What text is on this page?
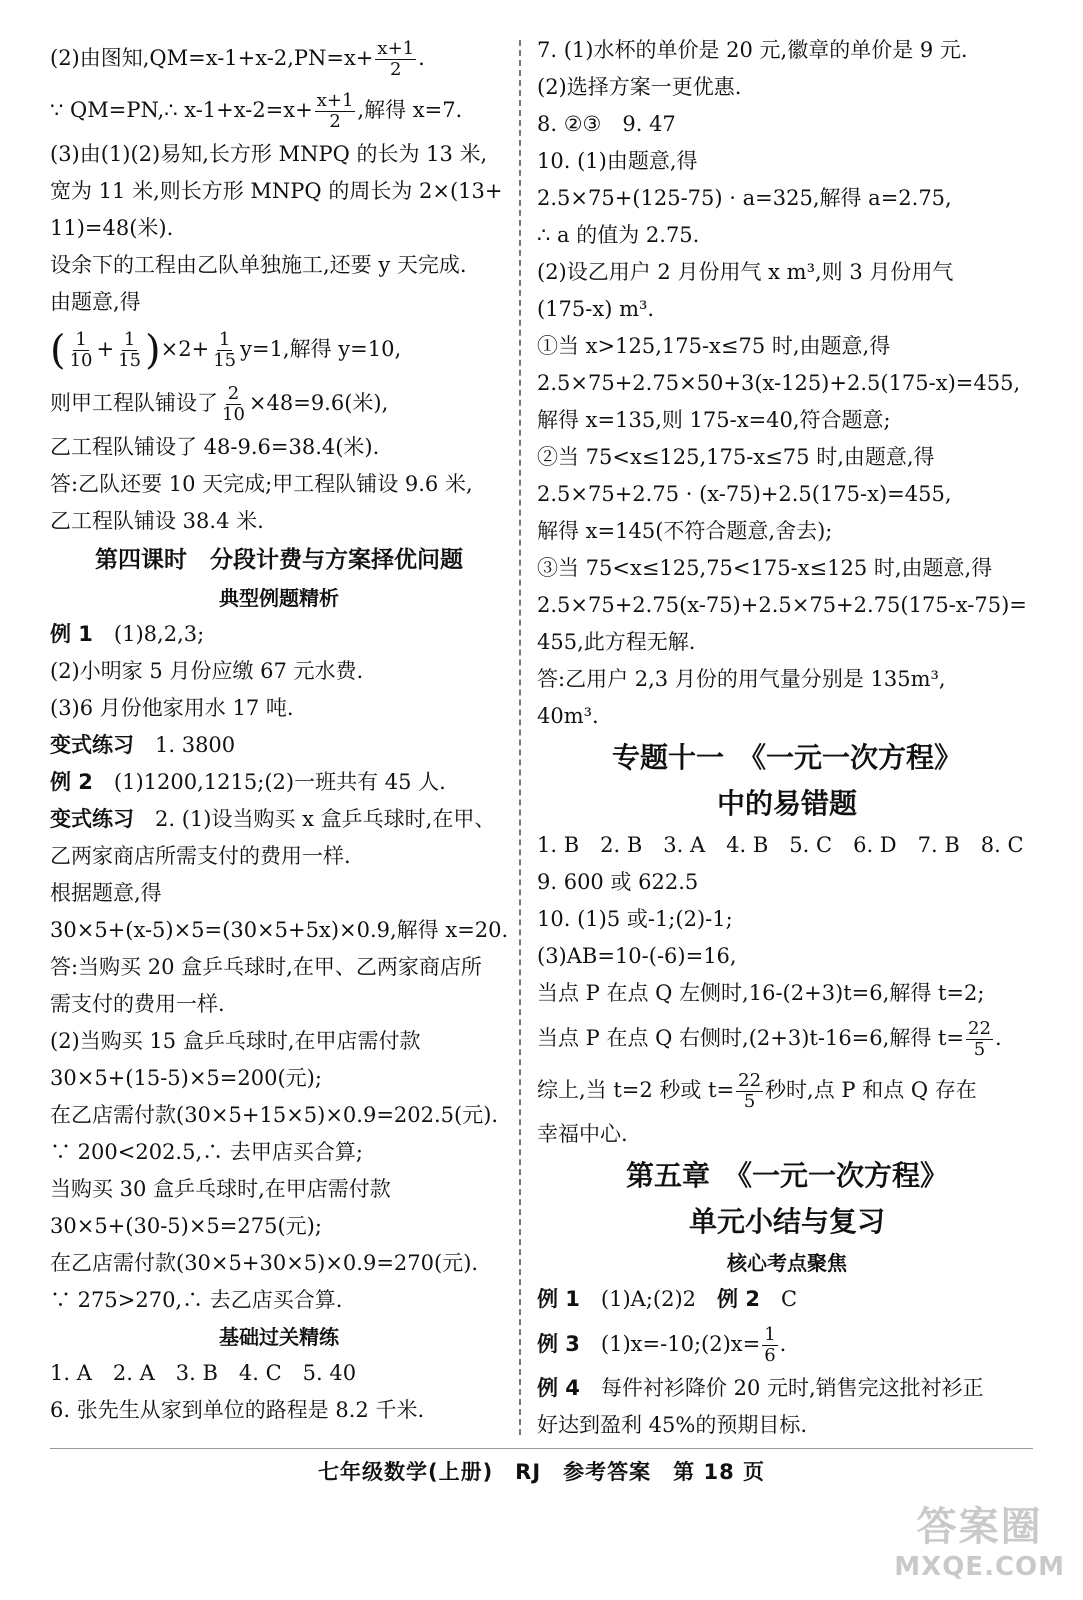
(2)由图知$,QM=x-1+x-2,PN=x+ \frac{x+1}{2}$ .
∵ QM=PN,∴ $x-1+x-2=x+ \frac{x+1}{2}$ ,解得 x=7.
(3)由(1)(2)易知,长方形 MNPQ 的长为 13 米,
宽为 11 米,则长方形 MNPQ 的周长为 2×(13+
11)=48(米).
设余下的工程由乙队单独施工,还要 y 天完成.
由题意,得
( $\frac{1}{10} + \frac{1}{15} )\times 2+ \frac{1}{15} y=1$,解得 y=10,
则甲工程队铺设了 $\frac{2}{10} \times 48=9.6$(米),
乙工程队铺设了 48-9.6=38.4(米).
答:乙队还要 10 天完成;甲工程队铺设 9.6 米,
乙工程队铺设 38.4 米.
第四课时　分段计费与方案择优问题
典型例题精析
例 1　(1)8,2,3;
(2)小明家 5 月份应缴 67 元水费.
(3)6 月份他家用水 17 吨.
变式练习　1. 3800
例 2　(1)1200,1215;(2)一班共有 45 人.
变式练习　2. (1)设当购买 x 盒乒乓球时,在甲、
乙两家商店所需支付的费用一样.
根据题意,得
30×5+(x-5)×5=(30×5+5x)×0.9,解得 x=20.
答:当购买 20 盒乒乓球时,在甲、乙两家商店所
需支付的费用一样.
(2)当购买 15 盒乒乓球时,在甲店需付款
30×5+(15-5)×5=200(元);
在乙店需付款(30×5+15×5)×0.9=202.5(元).
∵ 200<202.5,∴ 去甲店买合算;
当购买 30 盒乒乓球时,在甲店需付款
30×5+(30-5)×5=275(元);
在乙店需付款(30×5+30×5)×0.9=270(元).
∵ 275>270,∴ 去乙店买合算.
基础过关精练
1. A　2. A　3. B　4. C　5. 40
6. 张先生从家到单位的路程是 8.2 千米.
7. (1)水杯的单价是 20 元,徽章的单价是 9 元.
(2)选择方案一更优惠.
8. ②③　9. 47
10. (1)由题意,得
2.5×75+(125-75) · a=325,解得 a=2.75,
∴ a 的值为 2.75.
(2)设乙用户 2 月份用气 x m³,则 3 月份用气
(175-x) m³.
①当 x>125,175-x≤75 时,由题意,得
2.5×75+2.75×50+3(x-125)+2.5(175-x)=455,
解得 x=135,则 175-x=40,符合题意;
②当 75<x≤125,175-x≤75 时,由题意,得
2.5×75+2.75 · (x-75)+2.5(175-x)=455,
解得 x=145(不符合题意,舍去);
③当 75<x≤125,75<175-x≤125 时,由题意,得
2.5×75+2.75(x-75)+2.5×75+2.75(175-x-75)=
455,此方程无解.
答:乙用户 2,3 月份的用气量分别是 135m³,
40m³.
专题十一　《一元一次方程》
中的易错题
1. B　2. B　3. A　4. B　5. C　6. D　7. B　8. C
9. 600 或 622.5
10. (1)5 或-1;(2)-1;
(3)AB=10-(-6)=16,
当点 P 在点 Q 左侧时,16-(2+3)t=6,解得 t=2;
当点 P 在点 Q 右侧时,(2+3)t-16=6,解得 $t= \frac{22}{5}$ .
综上,当 t=2 秒或 $t= \frac{22}{5}$ 秒时,点 P 和点 Q 存在
幸福中心.
第五章　《一元一次方程》
单元小结与复习
核心考点聚焦
例 1　(1)A;(2)2　例 2　C
例 3　(1)x=-10;(2)x= $\frac{1}{6}$ .
例 4　每件衬衫降价 20 元时,销售完这批衬衫正
好达到盈利 45%的预期目标.
七年级数学(上册)　RJ　参考答案　第 18 页
答案圈
MXQE.COM
